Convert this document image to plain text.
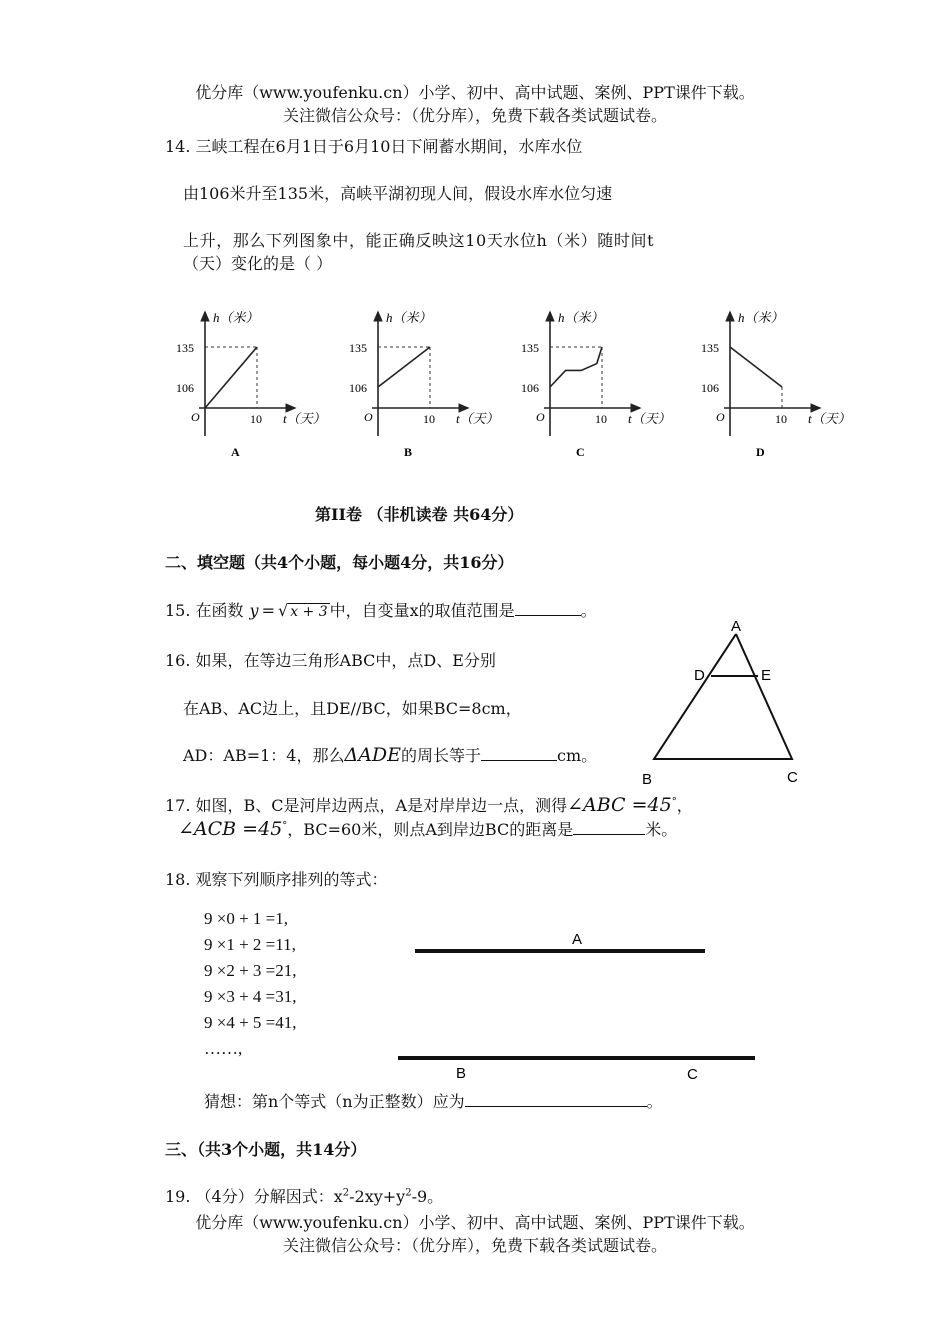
优分库（www.youfenku.cn）小学、初中、高中试题、案例、PPT课件下载。
关注微信公众号：（优分库），免费下载各类试题试卷。
14. 三峡工程在6月1日于6月10日下闸蓄水期间，水库水位
由106米升至135米，高峡平湖初现人间，假设水库水位匀速
上升，那么下列图象中，能正确反映这10天水位h（米）随时间t
（天）变化的是（ ）
h（米）
t（天）
O
135
106
10
A
h（米）
t（天）
O
135
106
10
B
h（米）
t（天）
O
135
106
10
C
h（米）
t（天）
O
135
106
10
D
第II卷 （非机读卷 共64分）
二、填空题（共4个小题，每小题4分，共16分）
15. 在函数 y = √ x + 3 中，自变量x的取值范围是	。
16. 如果，在等边三角形ABC中，点D、E分别
在AB、AC边上，且DE//BC，如果BC=8cm，
AD：AB=1：4，那么ΔADE的周长等于	cm。
A
D	E
B	C
17. 如图，B、C是河岸边两点，A是对岸岸边一点，测得∠ABC =45°，
∠ACB =45°，BC=60米，则点A到岸边BC的距离是	米。
18. 观察下列顺序排列的等式：
9 ×0 + 1 =1,
9 ×1 + 2 =11,
9 ×2 + 3 =21,
9 ×3 + 4 =31,
9 ×4 + 5 =41,
……,
A
B	C
猜想：第n个等式（n为正整数）应为	。
三、（共3个小题，共14分）
19. （4分）分解因式：$x^2-2xy+y^2-9$。
优分库（www.youfenku.cn）小学、初中、高中试题、案例、PPT课件下载。
关注微信公众号：（优分库），免费下载各类试题试卷。
